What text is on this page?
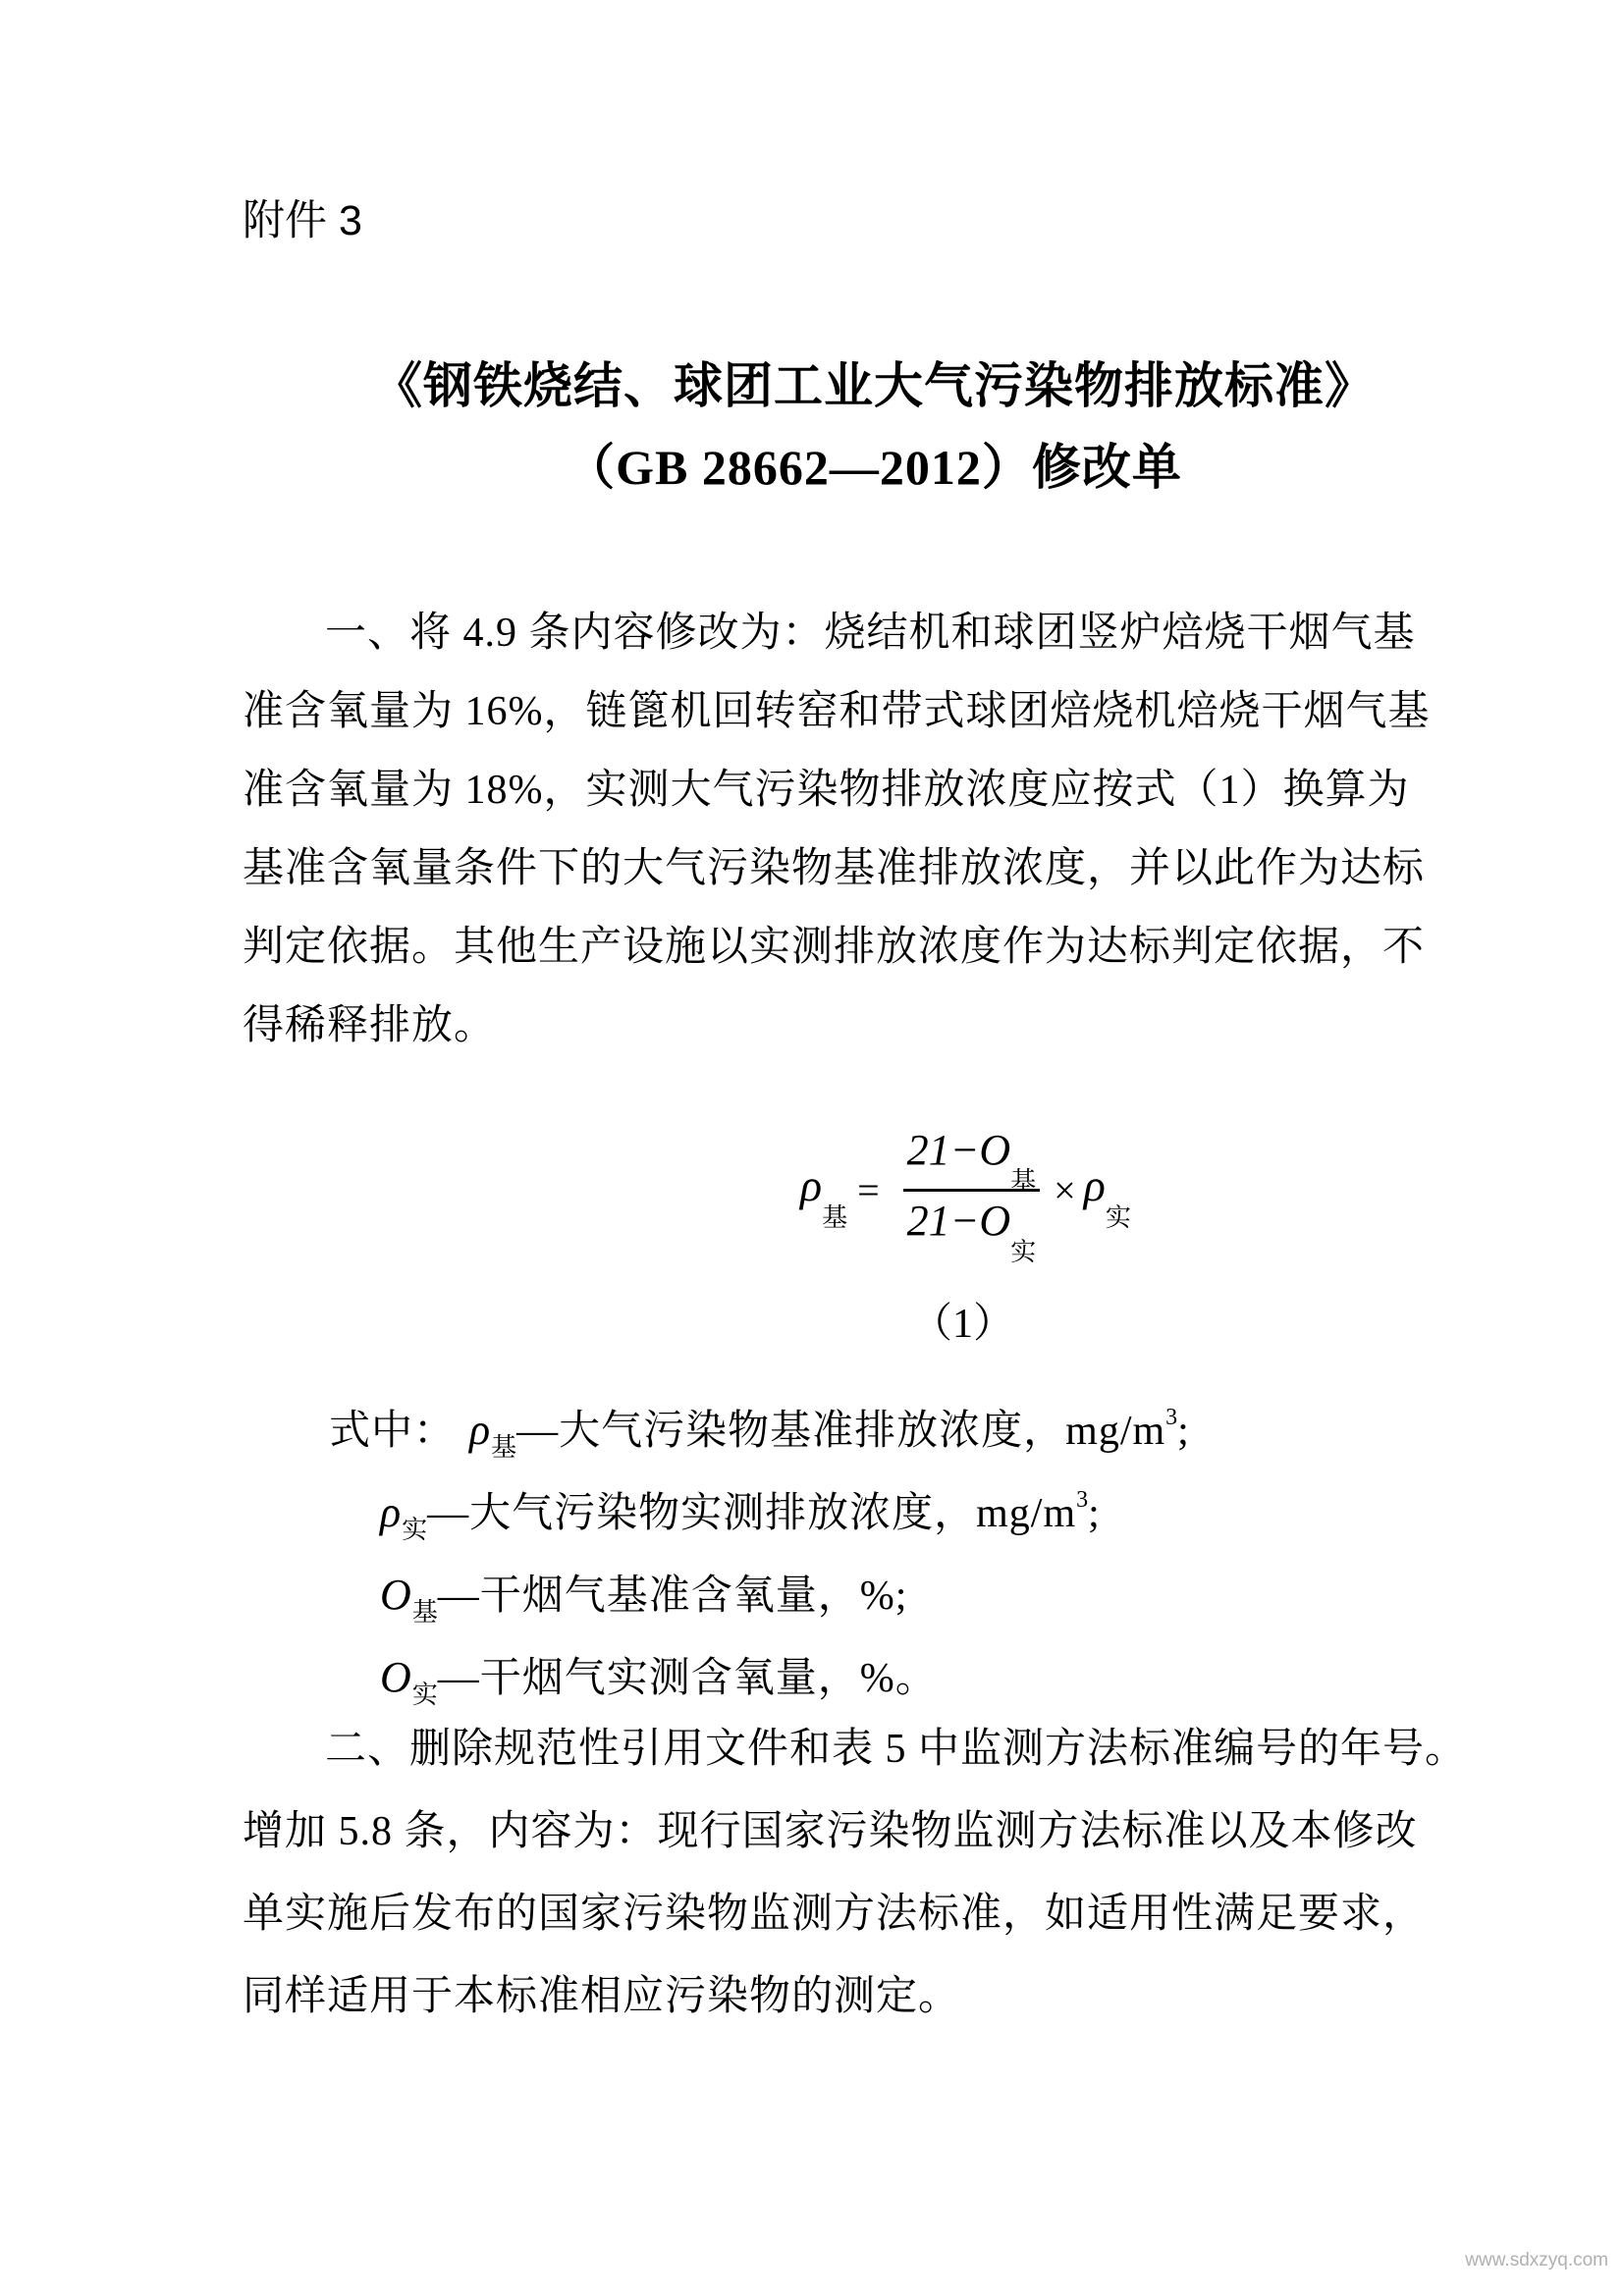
附件 3
《钢铁烧结、球团工业大气污染物排放标准》
（GB 28662—2012）修改单
一、将 4.9 条内容修改为：烧结机和球团竖炉焙烧干烟气基
准含氧量为 16%，链篦机回转窑和带式球团焙烧机焙烧干烟气基
准含氧量为 18%，实测大气污染物排放浓度应按式（1）换算为
基准含氧量条件下的大气污染物基准排放浓度，并以此作为达标
判定依据。其他生产设施以实测排放浓度作为达标判定依据，不
得稀释排放。
$\rho_基$
= $\frac{21-O_基}{21-O_实} \times \rho_实$
（1）
式中： $\rho_基—$大气污染物基准排放浓度，$mg/m^3$;
$\rho_实—$大气污染物实测排放浓度，$mg/m^3$;
$O_基—$干烟气基准含氧量，%;
$O_实—$干烟气实测含氧量，%。
二、删除规范性引用文件和表 5 中监测方法标准编号的年号。
增加 5.8 条，内容为：现行国家污染物监测方法标准以及本修改
单实施后发布的国家污染物监测方法标准，如适用性满足要求，
同样适用于本标准相应污染物的测定。
www.sdxzyq.com
